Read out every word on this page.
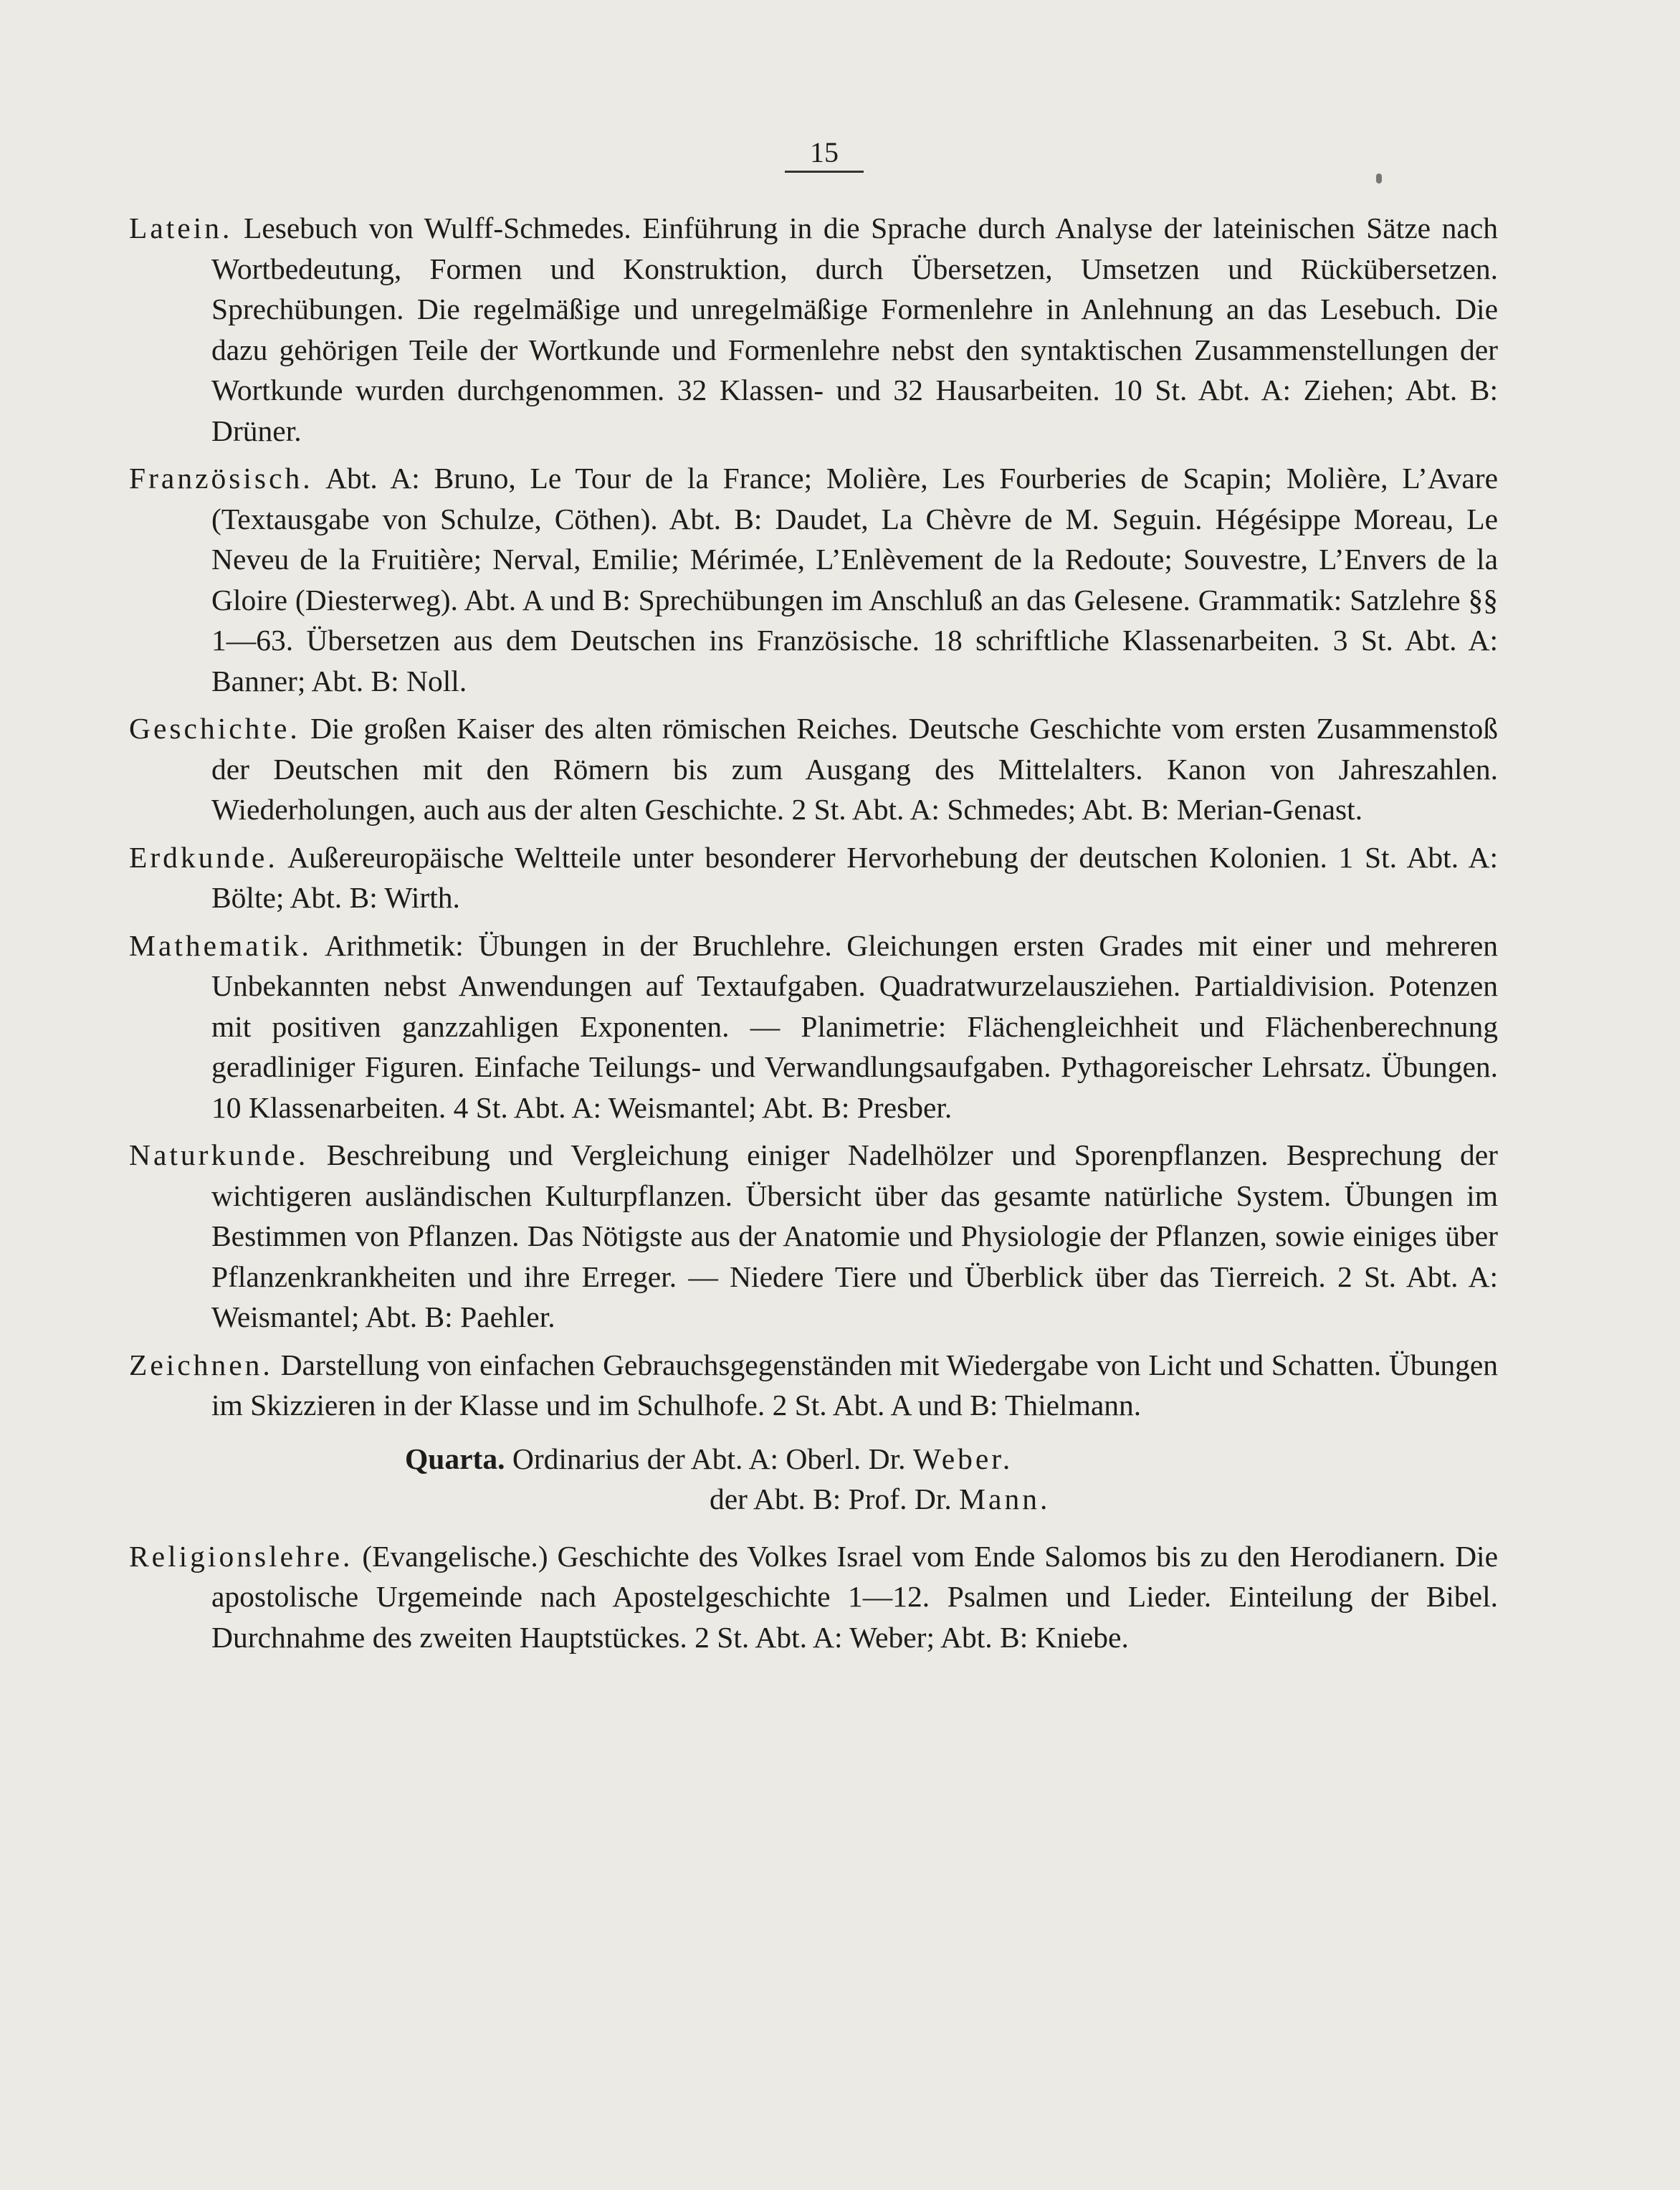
15

Latein. Lesebuch von Wulff-Schmedes. Einführung in die Sprache durch Analyse der lateinischen Sätze nach Wortbedeutung, Formen und Konstruktion, durch Übersetzen, Umsetzen und Rückübersetzen. Sprechübungen. Die regelmäßige und unregelmäßige Formenlehre in Anlehnung an das Lesebuch. Die dazu gehörigen Teile der Wortkunde und Formenlehre nebst den syntaktischen Zusammenstellungen der Wortkunde wurden durchgenommen. 32 Klassen- und 32 Hausarbeiten. 10 St. Abt. A: Ziehen; Abt. B: Drüner.

Französisch. Abt. A: Bruno, Le Tour de la France; Molière, Les Fourberies de Scapin; Molière, L’Avare (Textausgabe von Schulze, Cöthen). Abt. B: Daudet, La Chèvre de M. Seguin. Hégésippe Moreau, Le Neveu de la Fruitière; Nerval, Emilie; Mérimée, L’Enlèvement de la Redoute; Souvestre, L’Envers de la Gloire (Diesterweg). Abt. A und B: Sprechübungen im Anschluß an das Gelesene. Grammatik: Satzlehre §§ 1—63. Übersetzen aus dem Deutschen ins Französische. 18 schriftliche Klassenarbeiten. 3 St. Abt. A: Banner; Abt. B: Noll.

Geschichte. Die großen Kaiser des alten römischen Reiches. Deutsche Geschichte vom ersten Zusammenstoß der Deutschen mit den Römern bis zum Ausgang des Mittelalters. Kanon von Jahreszahlen. Wiederholungen, auch aus der alten Geschichte. 2 St. Abt. A: Schmedes; Abt. B: Merian-Genast.

Erdkunde. Außereuropäische Weltteile unter besonderer Hervorhebung der deutschen Kolonien. 1 St. Abt. A: Bölte; Abt. B: Wirth.

Mathematik. Arithmetik: Übungen in der Bruchlehre. Gleichungen ersten Grades mit einer und mehreren Unbekannten nebst Anwendungen auf Textaufgaben. Quadratwurzelausziehen. Partialdivision. Potenzen mit positiven ganzzahligen Exponenten. — Planimetrie: Flächengleichheit und Flächenberechnung geradliniger Figuren. Einfache Teilungs- und Verwandlungsaufgaben. Pythagoreischer Lehrsatz. Übungen. 10 Klassenarbeiten. 4 St. Abt. A: Weismantel; Abt. B: Presber.

Naturkunde. Beschreibung und Vergleichung einiger Nadelhölzer und Sporenpflanzen. Besprechung der wichtigeren ausländischen Kulturpflanzen. Übersicht über das gesamte natürliche System. Übungen im Bestimmen von Pflanzen. Das Nötigste aus der Anatomie und Physiologie der Pflanzen, sowie einiges über Pflanzenkrankheiten und ihre Erreger. — Niedere Tiere und Überblick über das Tierreich. 2 St. Abt. A: Weismantel; Abt. B: Paehler.

Zeichnen. Darstellung von einfachen Gebrauchsgegenständen mit Wiedergabe von Licht und Schatten. Übungen im Skizzieren in der Klasse und im Schulhofe. 2 St. Abt. A und B: Thielmann.

Quarta. Ordinarius der Abt. A: Oberl. Dr. Weber.
der Abt. B: Prof. Dr. Mann.

Religionslehre. (Evangelische.) Geschichte des Volkes Israel vom Ende Salomos bis zu den Herodianern. Die apostolische Urgemeinde nach Apostelgeschichte 1—12. Psalmen und Lieder. Einteilung der Bibel. Durchnahme des zweiten Hauptstückes. 2 St. Abt. A: Weber; Abt. B: Kniebe.
